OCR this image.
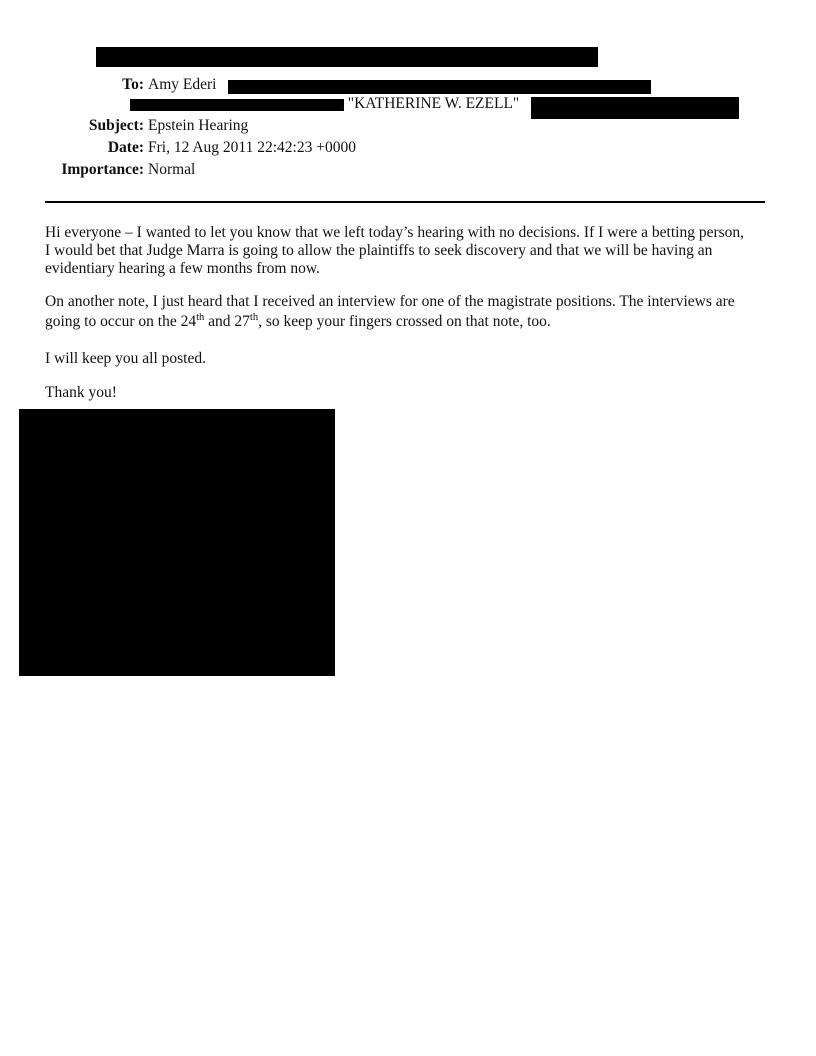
To: Amy Ederi
, "KATHERINE W. EZELL"
Subject: Epstein Hearing
Date: Fri, 12 Aug 2011 22:42:23 +0000
Importance: Normal
Hi everyone – I wanted to let you know that we left today’s hearing with no decisions. If I were a betting person,
I would bet that Judge Marra is going to allow the plaintiffs to seek discovery and that we will be having an
evidentiary hearing a few months from now.
On another note, I just heard that I received an interview for one of the magistrate positions. The interviews are
going to occur on the 24th and 27th, so keep your fingers crossed on that note, too.
I will keep you all posted.
Thank you!
